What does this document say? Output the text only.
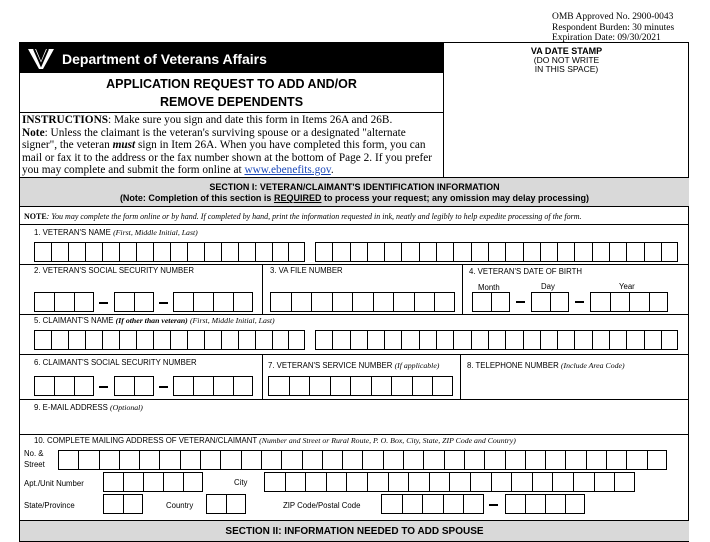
OMB Approved No. 2900-0043
Respondent Burden: 30 minutes
Expiration Date: 09/30/2021
Department of Veterans Affairs	VA DATE STAMP
(DO NOT WRITE
IN THIS SPACE)
APPLICATION REQUEST TO ADD AND/OR
REMOVE DEPENDENTS
INSTRUCTIONS: Make sure you sign and date this form in Items 26A and 26B.
Note: Unless the claimant is the veteran's surviving spouse or a designated "alternate signer", the veteran must sign in Item 26A. When you have completed this form, you can mail or fax it to the address or the fax number shown at the bottom of Page 2. If you prefer you may complete and submit the form online at www.ebenefits.gov.
SECTION I: VETERAN/CLAIMANT'S IDENTIFICATION INFORMATION
(Note: Completion of this section is REQUIRED to process your request; any omission may delay processing)
NOTE: You may complete the form online or by hand. If completed by hand, print the information requested in ink, neatly and legibly to help expedite processing of the form.
1. VETERAN'S NAME (First, Middle Initial, Last)
2. VETERAN'S SOCIAL SECURITY NUMBER	3. VA FILE NUMBER	4. VETERAN'S DATE OF BIRTH
Month	Day	Year
5. CLAIMANT'S NAME (If other than veteran) (First, Middle Initial, Last)
6. CLAIMANT'S SOCIAL SECURITY NUMBER	7. VETERAN'S SERVICE NUMBER (If applicable)	8. TELEPHONE NUMBER (Include Area Code)
9. E-MAIL ADDRESS (Optional)
10. COMPLETE MAILING ADDRESS OF VETERAN/CLAIMANT (Number and Street or Rural Route, P. O. Box, City, State, ZIP Code and Country)
No. &
Street
Apt./Unit Number	City
State/Province	Country	ZIP Code/Postal Code
SECTION II: INFORMATION NEEDED TO ADD SPOUSE
